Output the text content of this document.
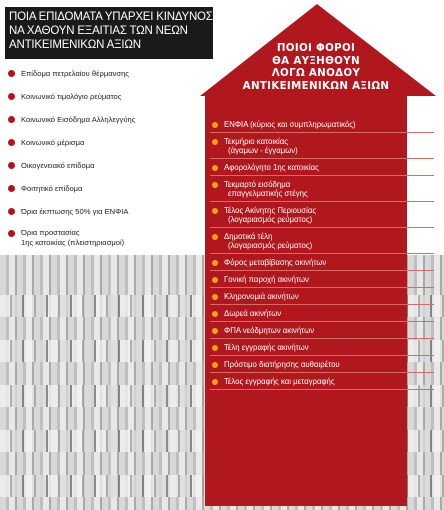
ΠΟΙΑ ΕΠΙΔΟΜΑΤΑ ΥΠΑΡΧΕΙ ΚΙΝΔΥΝΟΣ
ΝΑ ΧΑΘΟΥΝ ΕΞΑΙΤΙΑΣ ΤΩΝ ΝΕΩΝ
ΑΝΤΙΚΕΙΜΕΝΙΚΩΝ ΑΞΙΩΝ
Επίδομα πετρελαίου θέρμανσης
Κοινωνικό τιμολόγιο ρεύματος
Κοινωνικό Εισόδημα Αλληλεγγύης
Κοινωνικό μέρισμα
Οικογενειακό επίδομα
Φοιτητικό επίδομα
Όρια έκπτωσης 50% για ΕΝΦΙΑ
Όρια προστασίας
1ης κατοικίας (πλειστηριασμοί)
ΠΟΙΟΙ ΦΟΡΟΙ
ΘΑ ΑΥΞΗΘΟΥΝ
ΛΟΓΩ ΑΝΟΔΟΥ
ΑΝΤΙΚΕΙΜΕΝΙΚΩΝ ΑΞΙΩΝ
ΕΝΦΙΑ (κύριος και συμπληρωματικός)
Τεκμήριο κατοικίας
(άγαμων - έγγαμων)
Αφορολόγητο 1ης κατοικίας
Τεκμαρτό εισόδημα
επαγγελματικής στέγης
Τέλος Ακίνητης Περιουσίας
(λογαριασμός ρεύματος)
Δημοτικά τέλη
(λογαριασμός ρεύματος)
Φόρος μεταβίβασης ακινήτων
Γονική παροχή ακινήτων
Κληρονομιά ακινήτων
Δωρεά ακινήτων
ΦΠΑ νεόδμητων ακινήτων
Τέλη εγγραφής ακινήτων
Πρόστιμο διατήρησης αυθαιρέτου
Τέλος εγγραφής και μεταγραφής
